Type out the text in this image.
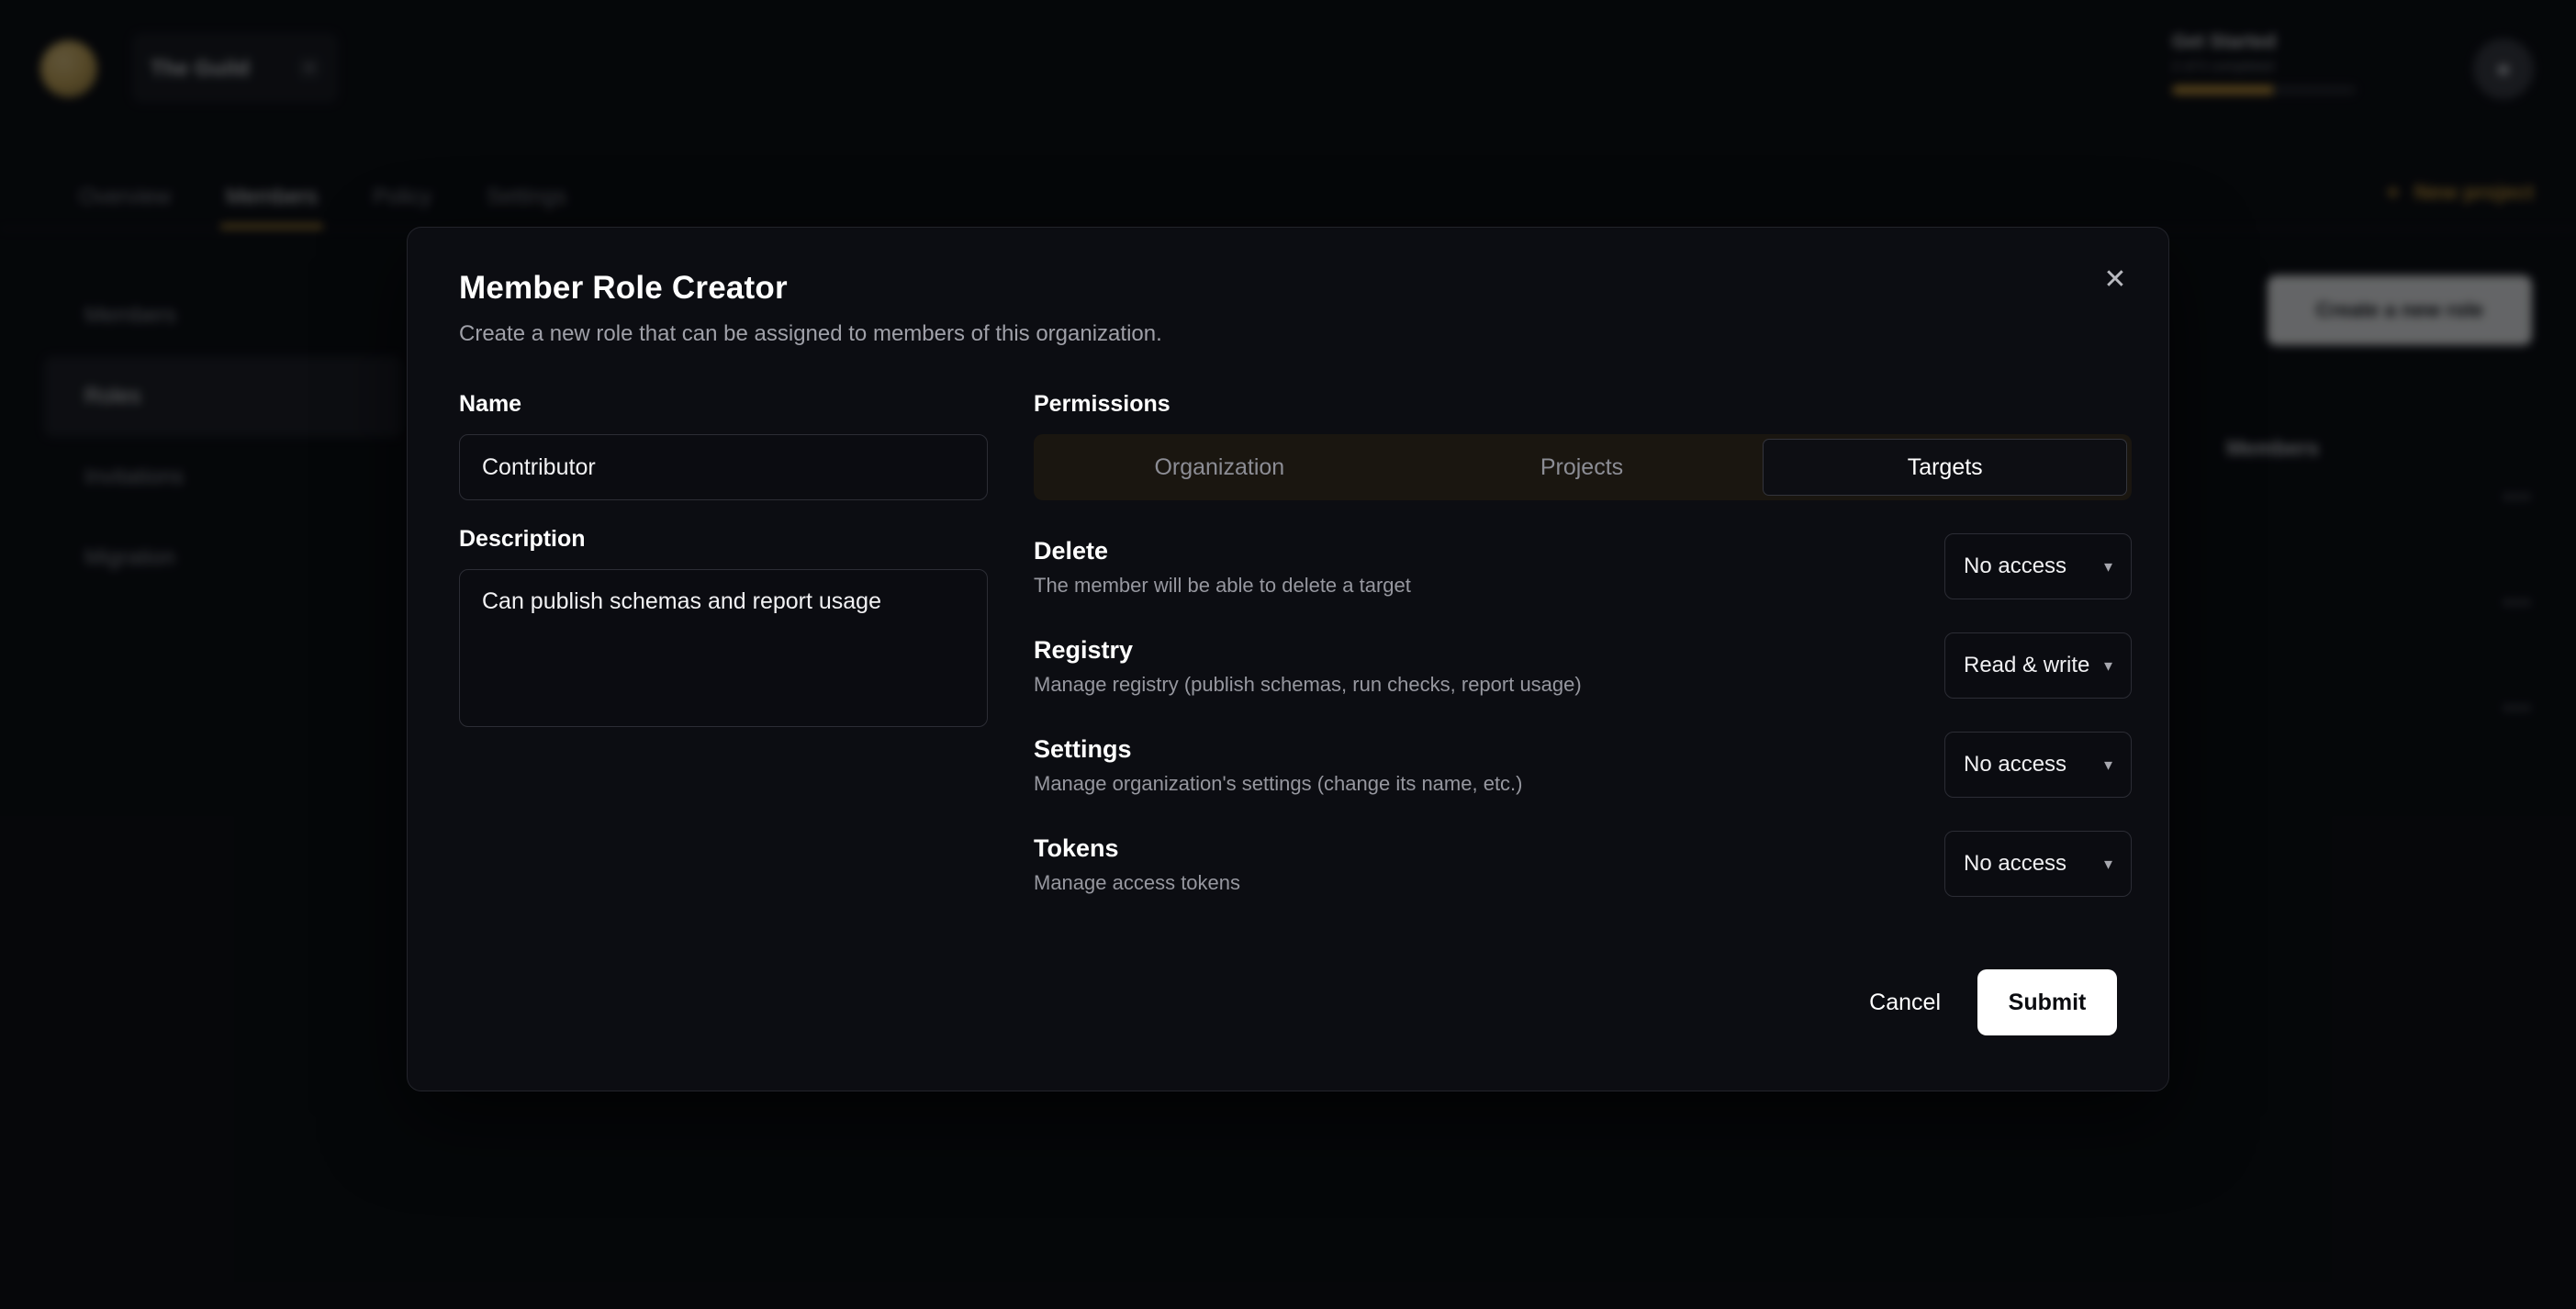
✕
Member Role Creator
Create a new role that can be assigned to members of this organization.
Name
Contributor
Description
Can publish schemas and report usage
Permissions
Organization	Projects	Targets
Delete
The member will be able to delete a target
No access ▾
Registry
Manage registry (publish schemas, run checks, report usage)
Read & write ▾
Settings
Manage organization's settings (change its name, etc.)
No access ▾
Tokens
Manage access tokens
No access ▾
Cancel	Submit
